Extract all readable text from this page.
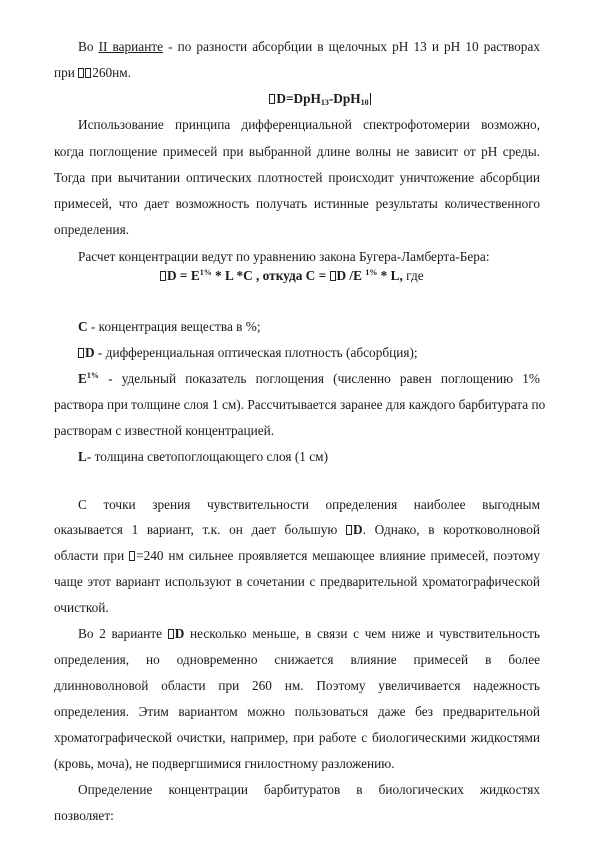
Во II варианте - по разности абсорбции в щелочных рН 13 и рН 10 растворах
при 260нм.
D=DpH$_{13}$-DpH$_{10}$
Использование принципа дифференциальной спектрофотомерии возможно,
когда поглощение примесей при выбранной длине волны не зависит от рН среды.
Тогда при вычитании оптических плотностей происходит уничтожение абсорбции
примесей, что дает возможность получать истинные результаты количественного
определения.
Расчет концентрации ведут по уравнению закона Бугера-Ламберта-Бера:
$D = E^{1\%} * L$ *C , откуда С = D /E $^{1\%}$ * L, где
С - концентрация вещества в %;
D - дифференциальная оптическая плотность (абсорбция);
$E^{1\%}$ - удельный показатель поглощения (численно равен поглощению 1%
раствора при толщине слоя 1 см). Рассчитывается заранее для каждого барбитурата по
растворам с известной концентрацией.
L- толщина светопоглощающего слоя (1 см)
С точки зрения чувствительности определения наиболее выгодным
оказывается 1 вариант, т.к. он дает большую D. Однако, в коротковолновой
области при =240 нм сильнее проявляется мешающее влияние примесей, поэтому
чаще этот вариант используют в сочетании с предварительной хроматографической
очисткой.
Во 2 варианте D несколько меньше, в связи с чем ниже и чувствительность
определения, но одновременно снижается влияние примесей в более
длинноволновой области при 260 нм. Поэтому увеличивается надежность
определения. Этим вариантом можно пользоваться даже без предварительной
хроматографической очистки, например, при работе с биологическими жидкостями
(кровь, моча), не подвергшимися гнилостному разложению.
Определение концентрации барбитуратов в биологических жидкостях
позволяет:
